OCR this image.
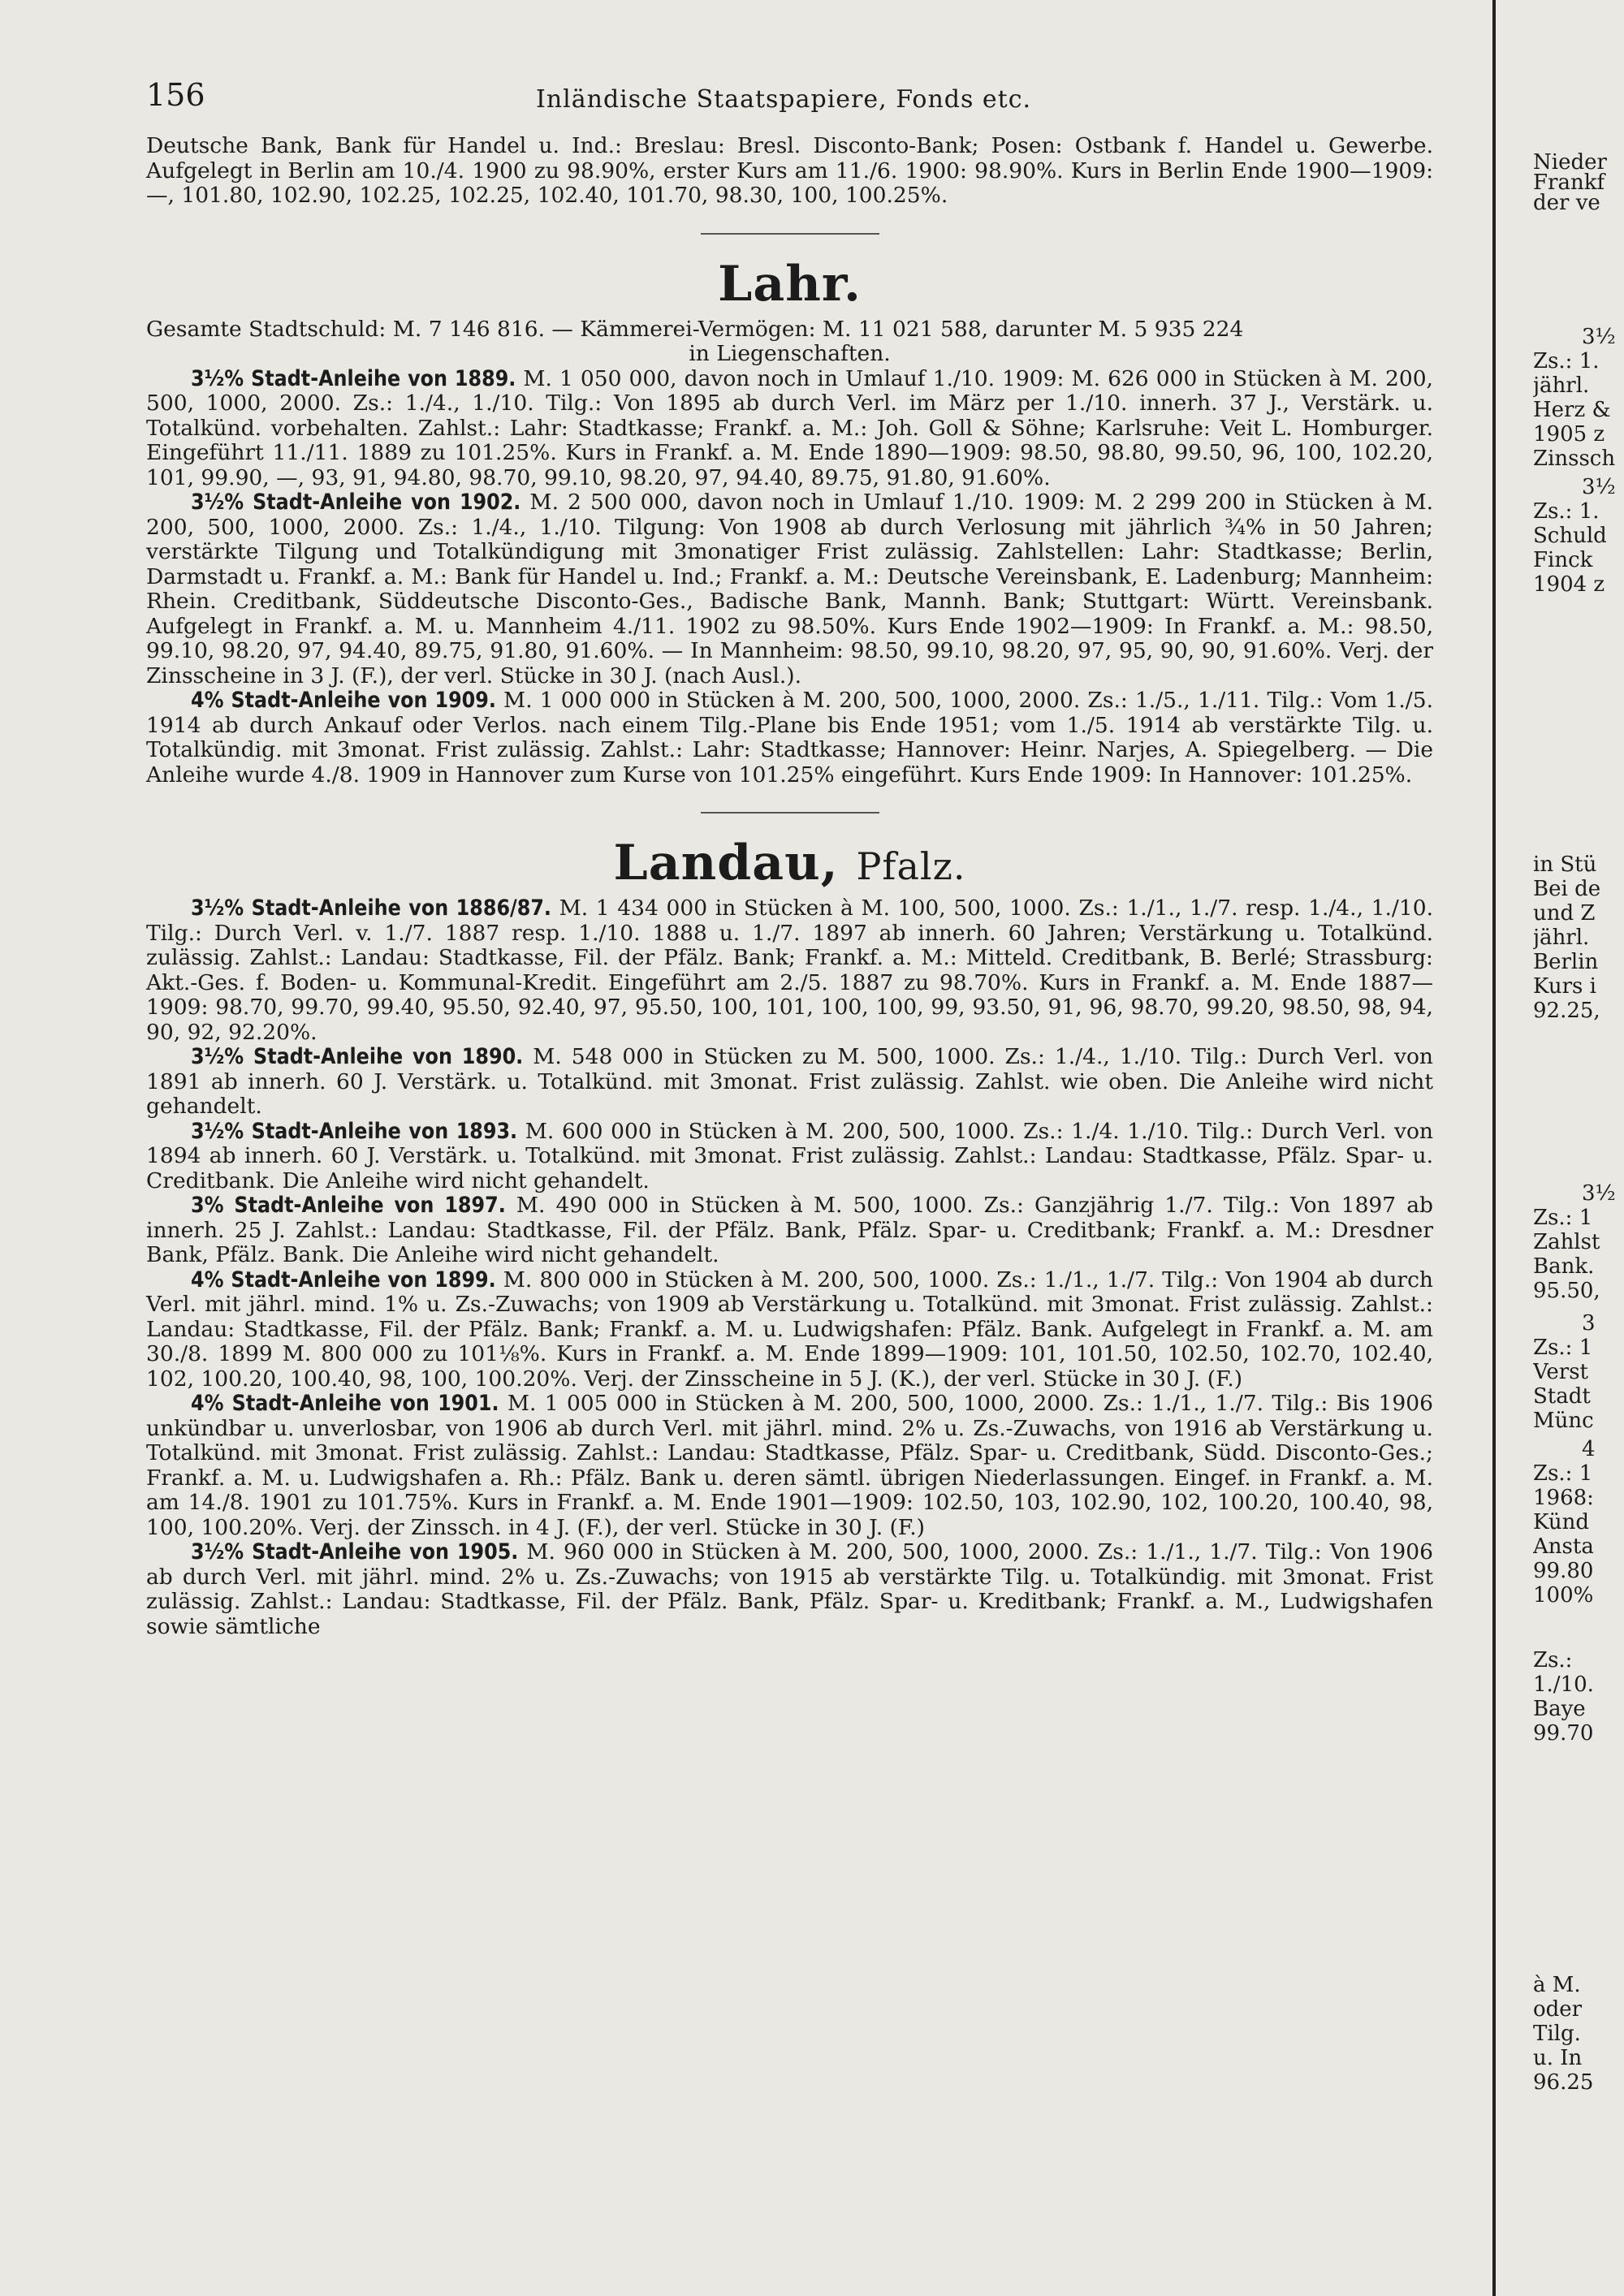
156	Inländische Staatspapiere, Fonds etc.

Deutsche Bank, Bank für Handel u. Ind.: Breslau: Bresl. Disconto-Bank; Posen: Ostbank f. Handel u. Gewerbe. Aufgelegt in Berlin am 10./4. 1900 zu 98.90%, erster Kurs am 11./6. 1900: 98.90%. Kurs in Berlin Ende 1900—1909: —, 101.80, 102.90, 102.25, 102.25, 102.40, 101.70, 98.30, 100, 100.25%.

Lahr.

Gesamte Stadtschuld: M. 7 146 816. — Kämmerei-Vermögen: M. 11 021 588, darunter M. 5 935 224

in Liegenschaften.

3½% Stadt-Anleihe von 1889. M. 1 050 000, davon noch in Umlauf 1./10. 1909: M. 626 000 in Stücken à M. 200, 500, 1000, 2000. Zs.: 1./4., 1./10. Tilg.: Von 1895 ab durch Verl. im März per 1./10. innerh. 37 J., Verstärk. u. Totalkünd. vorbehalten. Zahlst.: Lahr: Stadtkasse; Frankf. a. M.: Joh. Goll & Söhne; Karlsruhe: Veit L. Homburger. Eingeführt 11./11. 1889 zu 101.25%. Kurs in Frankf. a. M. Ende 1890—1909: 98.50, 98.80, 99.50, 96, 100, 102.20, 101, 99.90, —, 93, 91, 94.80, 98.70, 99.10, 98.20, 97, 94.40, 89.75, 91.80, 91.60%.

3½% Stadt-Anleihe von 1902. M. 2 500 000, davon noch in Umlauf 1./10. 1909: M. 2 299 200 in Stücken à M. 200, 500, 1000, 2000. Zs.: 1./4., 1./10. Tilgung: Von 1908 ab durch Verlosung mit jährlich ¾% in 50 Jahren; verstärkte Tilgung und Totalkündigung mit 3monatiger Frist zulässig. Zahlstellen: Lahr: Stadtkasse; Berlin, Darmstadt u. Frankf. a. M.: Bank für Handel u. Ind.; Frankf. a. M.: Deutsche Vereinsbank, E. Ladenburg; Mannheim: Rhein. Creditbank, Süddeutsche Disconto-Ges., Badische Bank, Mannh. Bank; Stuttgart: Württ. Vereinsbank. Aufgelegt in Frankf. a. M. u. Mannheim 4./11. 1902 zu 98.50%. Kurs Ende 1902—1909: In Frankf. a. M.: 98.50, 99.10, 98.20, 97, 94.40, 89.75, 91.80, 91.60%. — In Mannheim: 98.50, 99.10, 98.20, 97, 95, 90, 90, 91.60%. Verj. der Zinsscheine in 3 J. (F.), der verl. Stücke in 30 J. (nach Ausl.).

4% Stadt-Anleihe von 1909. M. 1 000 000 in Stücken à M. 200, 500, 1000, 2000. Zs.: 1./5., 1./11. Tilg.: Vom 1./5. 1914 ab durch Ankauf oder Verlos. nach einem Tilg.-Plane bis Ende 1951; vom 1./5. 1914 ab verstärkte Tilg. u. Totalkündig. mit 3monat. Frist zulässig. Zahlst.: Lahr: Stadtkasse; Hannover: Heinr. Narjes, A. Spiegelberg. — Die Anleihe wurde 4./8. 1909 in Hannover zum Kurse von 101.25% eingeführt. Kurs Ende 1909: In Hannover: 101.25%.

Landau, Pfalz.

3½% Stadt-Anleihe von 1886/87. M. 1 434 000 in Stücken à M. 100, 500, 1000. Zs.: 1./1., 1./7. resp. 1./4., 1./10. Tilg.: Durch Verl. v. 1./7. 1887 resp. 1./10. 1888 u. 1./7. 1897 ab innerh. 60 Jahren; Verstärkung u. Totalkünd. zulässig. Zahlst.: Landau: Stadtkasse, Fil. der Pfälz. Bank; Frankf. a. M.: Mitteld. Creditbank, B. Berlé; Strassburg: Akt.-Ges. f. Boden- u. Kommunal-Kredit. Eingeführt am 2./5. 1887 zu 98.70%. Kurs in Frankf. a. M. Ende 1887—1909: 98.70, 99.70, 99.40, 95.50, 92.40, 97, 95.50, 100, 101, 100, 100, 99, 93.50, 91, 96, 98.70, 99.20, 98.50, 98, 94, 90, 92, 92.20%.

3½% Stadt-Anleihe von 1890. M. 548 000 in Stücken zu M. 500, 1000. Zs.: 1./4., 1./10. Tilg.: Durch Verl. von 1891 ab innerh. 60 J. Verstärk. u. Totalkünd. mit 3monat. Frist zulässig. Zahlst. wie oben. Die Anleihe wird nicht gehandelt.

3½% Stadt-Anleihe von 1893. M. 600 000 in Stücken à M. 200, 500, 1000. Zs.: 1./4. 1./10. Tilg.: Durch Verl. von 1894 ab innerh. 60 J. Verstärk. u. Totalkünd. mit 3monat. Frist zulässig. Zahlst.: Landau: Stadtkasse, Pfälz. Spar- u. Creditbank. Die Anleihe wird nicht gehandelt.

3% Stadt-Anleihe von 1897. M. 490 000 in Stücken à M. 500, 1000. Zs.: Ganzjährig 1./7. Tilg.: Von 1897 ab innerh. 25 J. Zahlst.: Landau: Stadtkasse, Fil. der Pfälz. Bank, Pfälz. Spar- u. Creditbank; Frankf. a. M.: Dresdner Bank, Pfälz. Bank. Die Anleihe wird nicht gehandelt.

4% Stadt-Anleihe von 1899. M. 800 000 in Stücken à M. 200, 500, 1000. Zs.: 1./1., 1./7. Tilg.: Von 1904 ab durch Verl. mit jährl. mind. 1% u. Zs.-Zuwachs; von 1909 ab Verstärkung u. Totalkünd. mit 3monat. Frist zulässig. Zahlst.: Landau: Stadtkasse, Fil. der Pfälz. Bank; Frankf. a. M. u. Ludwigshafen: Pfälz. Bank. Aufgelegt in Frankf. a. M. am 30./8. 1899 M. 800 000 zu 101⅛%. Kurs in Frankf. a. M. Ende 1899—1909: 101, 101.50, 102.50, 102.70, 102.40, 102, 100.20, 100.40, 98, 100, 100.20%. Verj. der Zinsscheine in 5 J. (K.), der verl. Stücke in 30 J. (F.)

4% Stadt-Anleihe von 1901. M. 1 005 000 in Stücken à M. 200, 500, 1000, 2000. Zs.: 1./1., 1./7. Tilg.: Bis 1906 unkündbar u. unverlosbar, von 1906 ab durch Verl. mit jährl. mind. 2% u. Zs.-Zuwachs, von 1916 ab Verstärkung u. Totalkünd. mit 3monat. Frist zulässig. Zahlst.: Landau: Stadtkasse, Pfälz. Spar- u. Creditbank, Südd. Disconto-Ges.; Frankf. a. M. u. Ludwigshafen a. Rh.: Pfälz. Bank u. deren sämtl. übrigen Niederlassungen. Eingef. in Frankf. a. M. am 14./8. 1901 zu 101.75%. Kurs in Frankf. a. M. Ende 1901—1909: 102.50, 103, 102.90, 102, 100.20, 100.40, 98, 100, 100.20%. Verj. der Zinssch. in 4 J. (F.), der verl. Stücke in 30 J. (F.)

3½% Stadt-Anleihe von 1905. M. 960 000 in Stücken à M. 200, 500, 1000, 2000. Zs.: 1./1., 1./7. Tilg.: Von 1906 ab durch Verl. mit jährl. mind. 2% u. Zs.-Zuwachs; von 1915 ab verstärkte Tilg. u. Totalkündig. mit 3monat. Frist zulässig. Zahlst.: Landau: Stadtkasse, Fil. der Pfälz. Bank, Pfälz. Spar- u. Kreditbank; Frankf. a. M., Ludwigshafen sowie sämtliche

Nieder
Frankf
der ve
3½
Zs.: 1.
jährl.
Herz &
1905 z
Zinssch
3½
Zs.: 1.
Schuld
Finck
1904 z
in Stü
Bei de
und Z
jährl.
Berlin
Kurs i
92.25,
3½
Zs.: 1
Zahlst
Bank.
95.50,
3
Zs.: 1
Verst
Stadt
Münc
4
Zs.: 1
1968:
Künd
Ansta
99.80
100%
Zs.:
1./10.
Baye
99.70
à M.
oder
Tilg.
u. In
96.25
